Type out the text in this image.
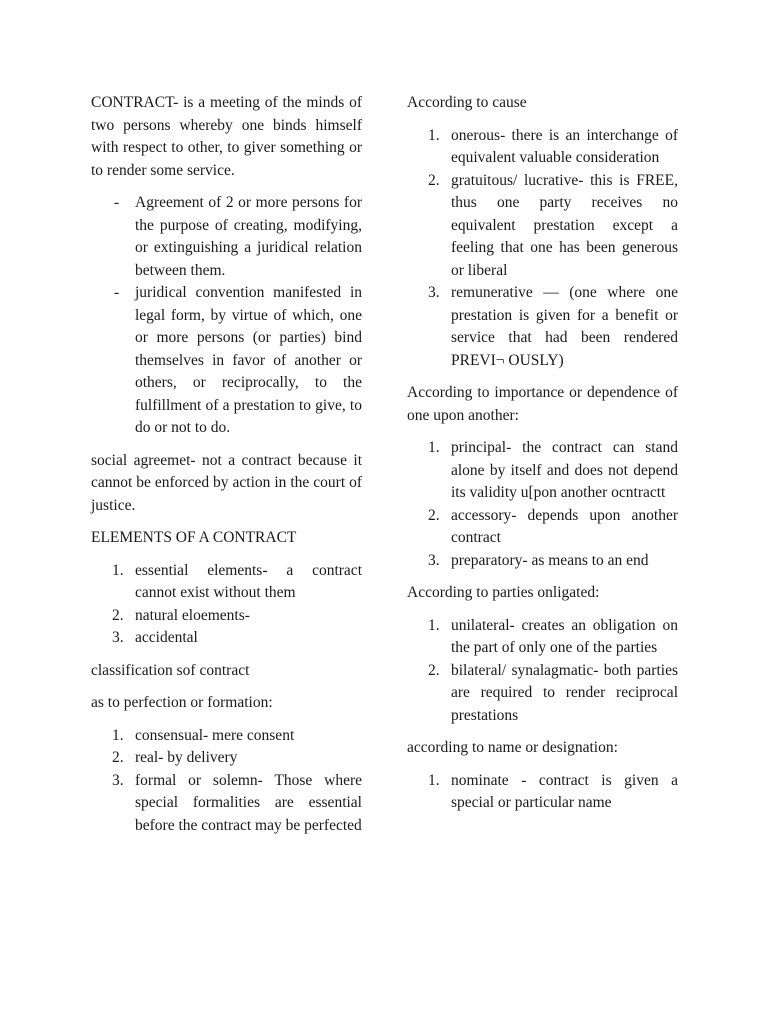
CONTRACT- is a meeting of the minds of two persons whereby one binds himself with respect to other, to giver something or to render some service.

- Agreement of 2 or more persons for the purpose of creating, modifying, or extinguishing a juridical relation between them.
- juridical convention manifested in legal form, by virtue of which, one or more persons (or parties) bind themselves in favor of another or others, or reciprocally, to the fulfillment of a prestation to give, to do or not to do.

social agreemet- not a contract because it cannot be enforced by action in the court of justice.

ELEMENTS OF A CONTRACT

1. essential elements- a contract cannot exist without them
2. natural eloements-
3. accidental

classification sof contract

as to perfection or formation:

1. consensual- mere consent
2. real- by delivery
3. formal or solemn- Those where special formalities are essential before the contract may be perfected

According to cause

1. onerous- there is an interchange of equivalent valuable consideration
2. gratuitous/ lucrative- this is FREE, thus one party receives no equivalent prestation except a feeling that one has been generous or liberal
3. remunerative — (one where one prestation is given for a benefit or service that had been rendered PREVI¬ OUSLY)

According to importance or dependence of one upon another:

1. principal- the contract can stand alone by itself and does not depend its validity u[pon another ocntractt
2. accessory- depends upon another contract
3. preparatory- as means to an end

According to parties onligated:

1. unilateral- creates an obligation on the part of only one of the parties
2. bilateral/ synalagmatic- both parties are required to render reciprocal prestations

according to name or designation:

1. nominate - contract is given a special or particular name
